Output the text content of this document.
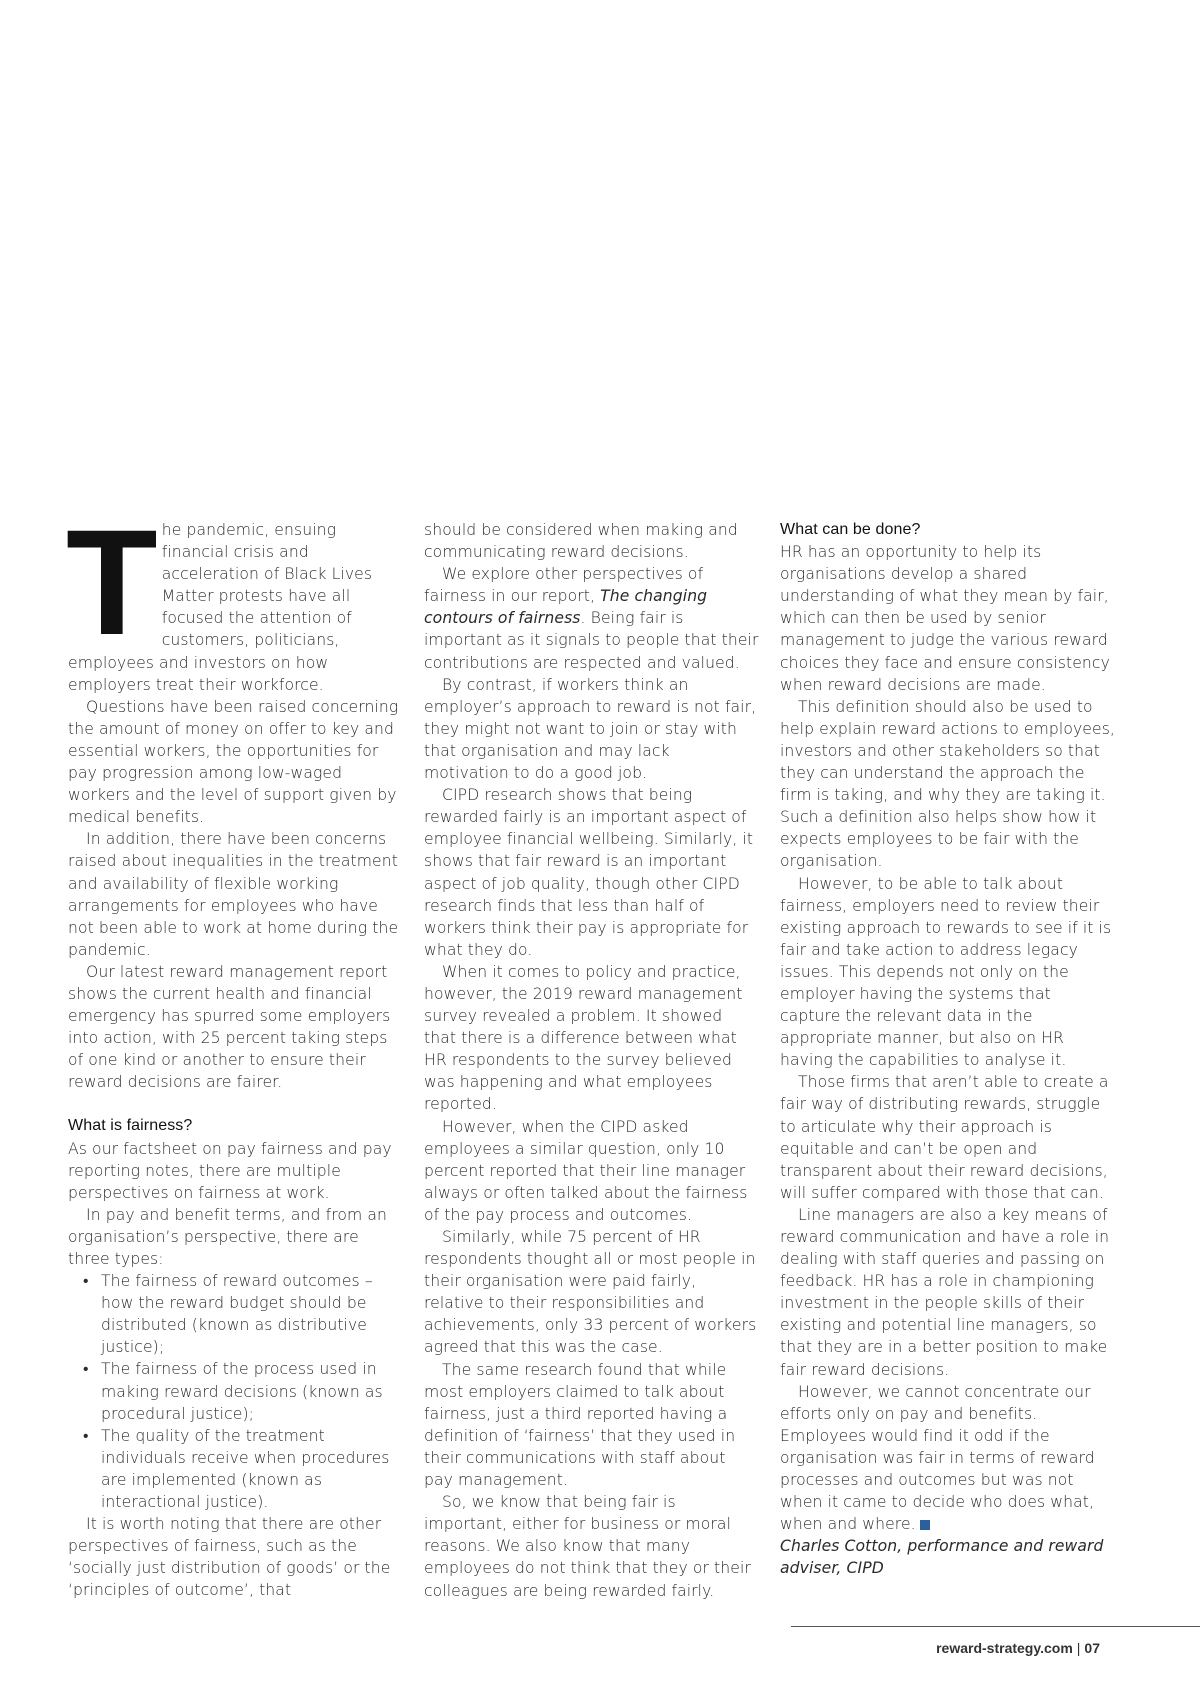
The pandemic, ensuing financial crisis and acceleration of Black Lives Matter protests have all focused the attention of customers, politicians, employees and investors on how employers treat their workforce.

Questions have been raised concerning the amount of money on offer to key and essential workers, the opportunities for pay progression among low-waged workers and the level of support given by medical benefits.

In addition, there have been concerns raised about inequalities in the treatment and availability of flexible working arrangements for employees who have not been able to work at home during the pandemic.

Our latest reward management report shows the current health and financial emergency has spurred some employers into action, with 25 percent taking steps of one kind or another to ensure their reward decisions are fairer.

What is fairness?

As our factsheet on pay fairness and pay reporting notes, there are multiple perspectives on fairness at work.

In pay and benefit terms, and from an organisation’s perspective, there are three types:

• The fairness of reward outcomes – how the reward budget should be distributed (known as distributive justice);
• The fairness of the process used in making reward decisions (known as procedural justice);
• The quality of the treatment individuals receive when procedures are implemented (known as interactional justice).

It is worth noting that there are other perspectives of fairness, such as the ‘socially just distribution of goods’ or the ‘principles of outcome’, that

should be considered when making and communicating reward decisions.

We explore other perspectives of fairness in our report, The changing contours of fairness. Being fair is important as it signals to people that their contributions are respected and valued.

By contrast, if workers think an employer’s approach to reward is not fair, they might not want to join or stay with that organisation and may lack motivation to do a good job.

CIPD research shows that being rewarded fairly is an important aspect of employee financial wellbeing. Similarly, it shows that fair reward is an important aspect of job quality, though other CIPD research finds that less than half of workers think their pay is appropriate for what they do.

When it comes to policy and practice, however, the 2019 reward management survey revealed a problem. It showed that there is a difference between what HR respondents to the survey believed was happening and what employees reported.

However, when the CIPD asked employees a similar question, only 10 percent reported that their line manager always or often talked about the fairness of the pay process and outcomes.

Similarly, while 75 percent of HR respondents thought all or most people in their organisation were paid fairly, relative to their responsibilities and achievements, only 33 percent of workers agreed that this was the case.

The same research found that while most employers claimed to talk about fairness, just a third reported having a definition of ‘fairness’ that they used in their communications with staff about pay management.

So, we know that being fair is important, either for business or moral reasons. We also know that many employees do not think that they or their colleagues are being rewarded fairly.

What can be done?

HR has an opportunity to help its organisations develop a shared understanding of what they mean by fair, which can then be used by senior management to judge the various reward choices they face and ensure consistency when reward decisions are made.

This definition should also be used to help explain reward actions to employees, investors and other stakeholders so that they can understand the approach the firm is taking, and why they are taking it. Such a definition also helps show how it expects employees to be fair with the organisation.

However, to be able to talk about fairness, employers need to review their existing approach to rewards to see if it is fair and take action to address legacy issues. This depends not only on the employer having the systems that capture the relevant data in the appropriate manner, but also on HR having the capabilities to analyse it.

Those firms that aren’t able to create a fair way of distributing rewards, struggle to articulate why their approach is equitable and can’t be open and transparent about their reward decisions, will suffer compared with those that can.

Line managers are also a key means of reward communication and have a role in dealing with staff queries and passing on feedback. HR has a role in championing investment in the people skills of their existing and potential line managers, so that they are in a better position to make fair reward decisions.

However, we cannot concentrate our efforts only on pay and benefits. Employees would find it odd if the organisation was fair in terms of reward processes and outcomes but was not when it came to decide who does what, when and where.

Charles Cotton, performance and reward adviser, CIPD

reward-strategy.com | 07
